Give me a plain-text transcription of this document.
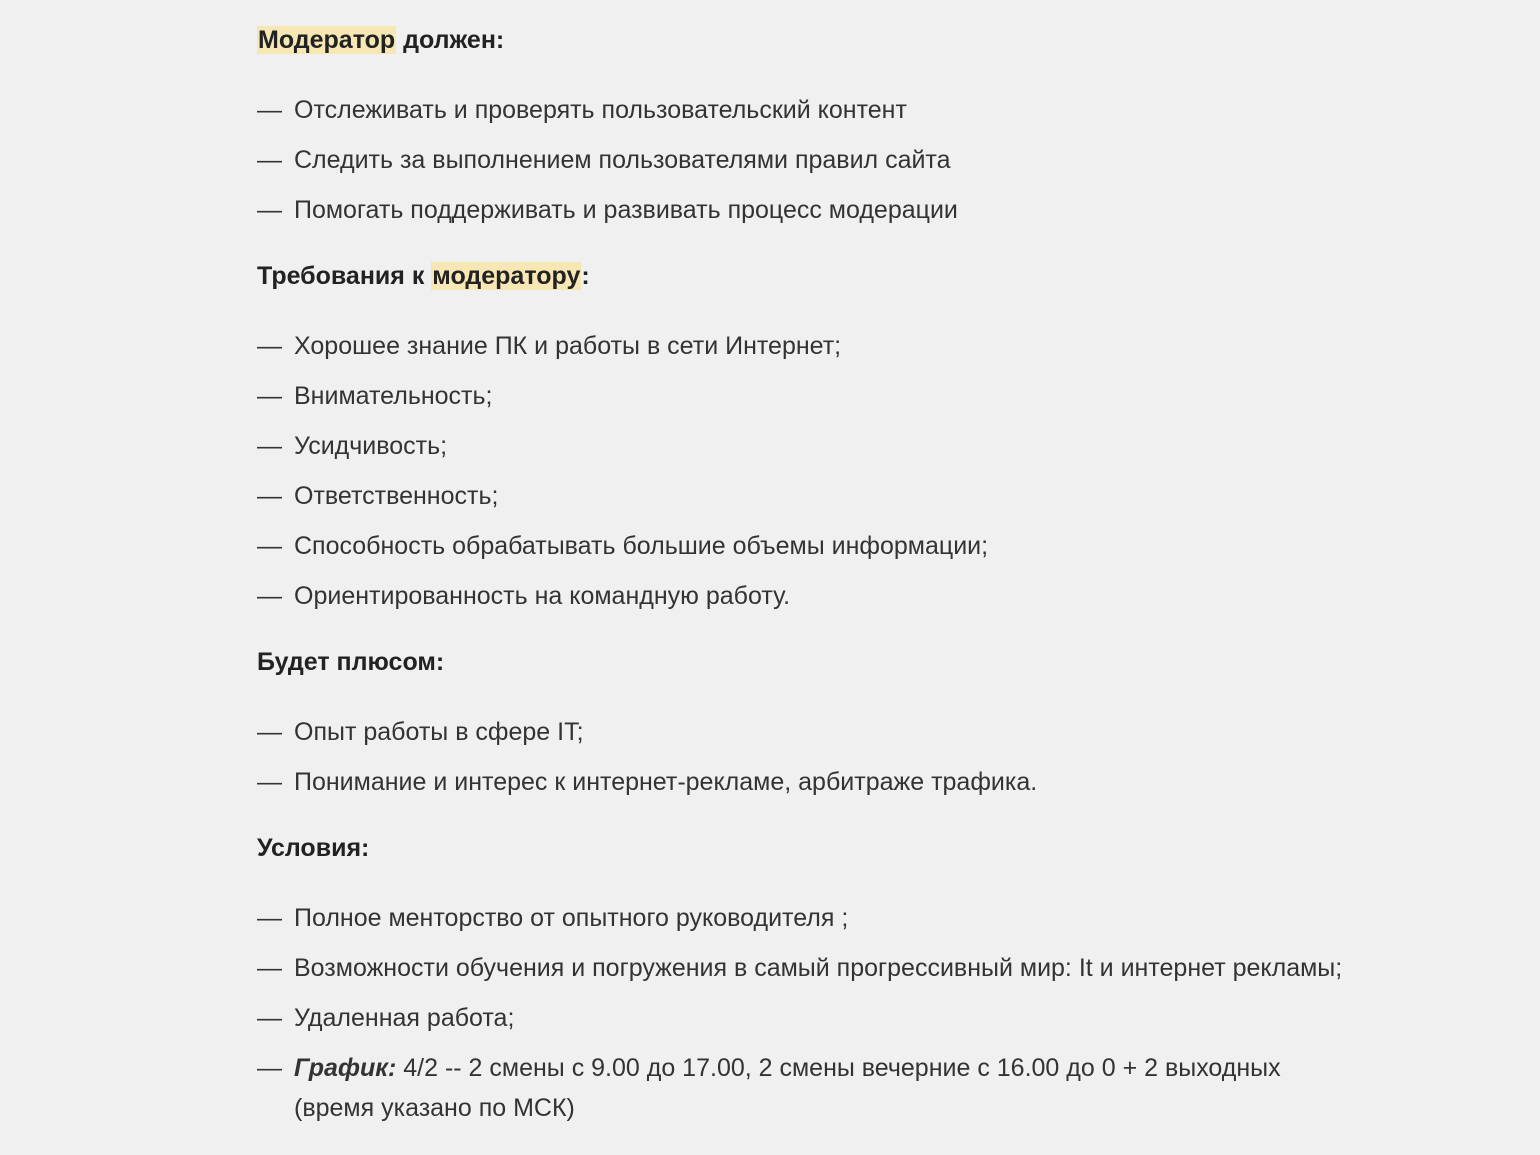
Модератор должен:

— Отслеживать и проверять пользовательский контент
— Следить за выполнением пользователями правил сайта
— Помогать поддерживать и развивать процесс модерации

Требования к модератору:

— Хорошее знание ПК и работы в сети Интернет;
— Внимательность;
— Усидчивость;
— Ответственность;
— Способность обрабатывать большие объемы информации;
— Ориентированность на командную работу.

Будет плюсом:

— Опыт работы в сфере IT;
— Понимание и интерес к интернет-рекламе, арбитраже трафика.

Условия:

— Полное менторство от опытного руководителя ;
— Возможности обучения и погружения в самый прогрессивный мир: It и интернет рекламы;
— Удаленная работа;
— График: 4/2 -- 2 смены с 9.00 до 17.00, 2 смены вечерние с 16.00 до 0 + 2 выходных (время указано по МСК)
